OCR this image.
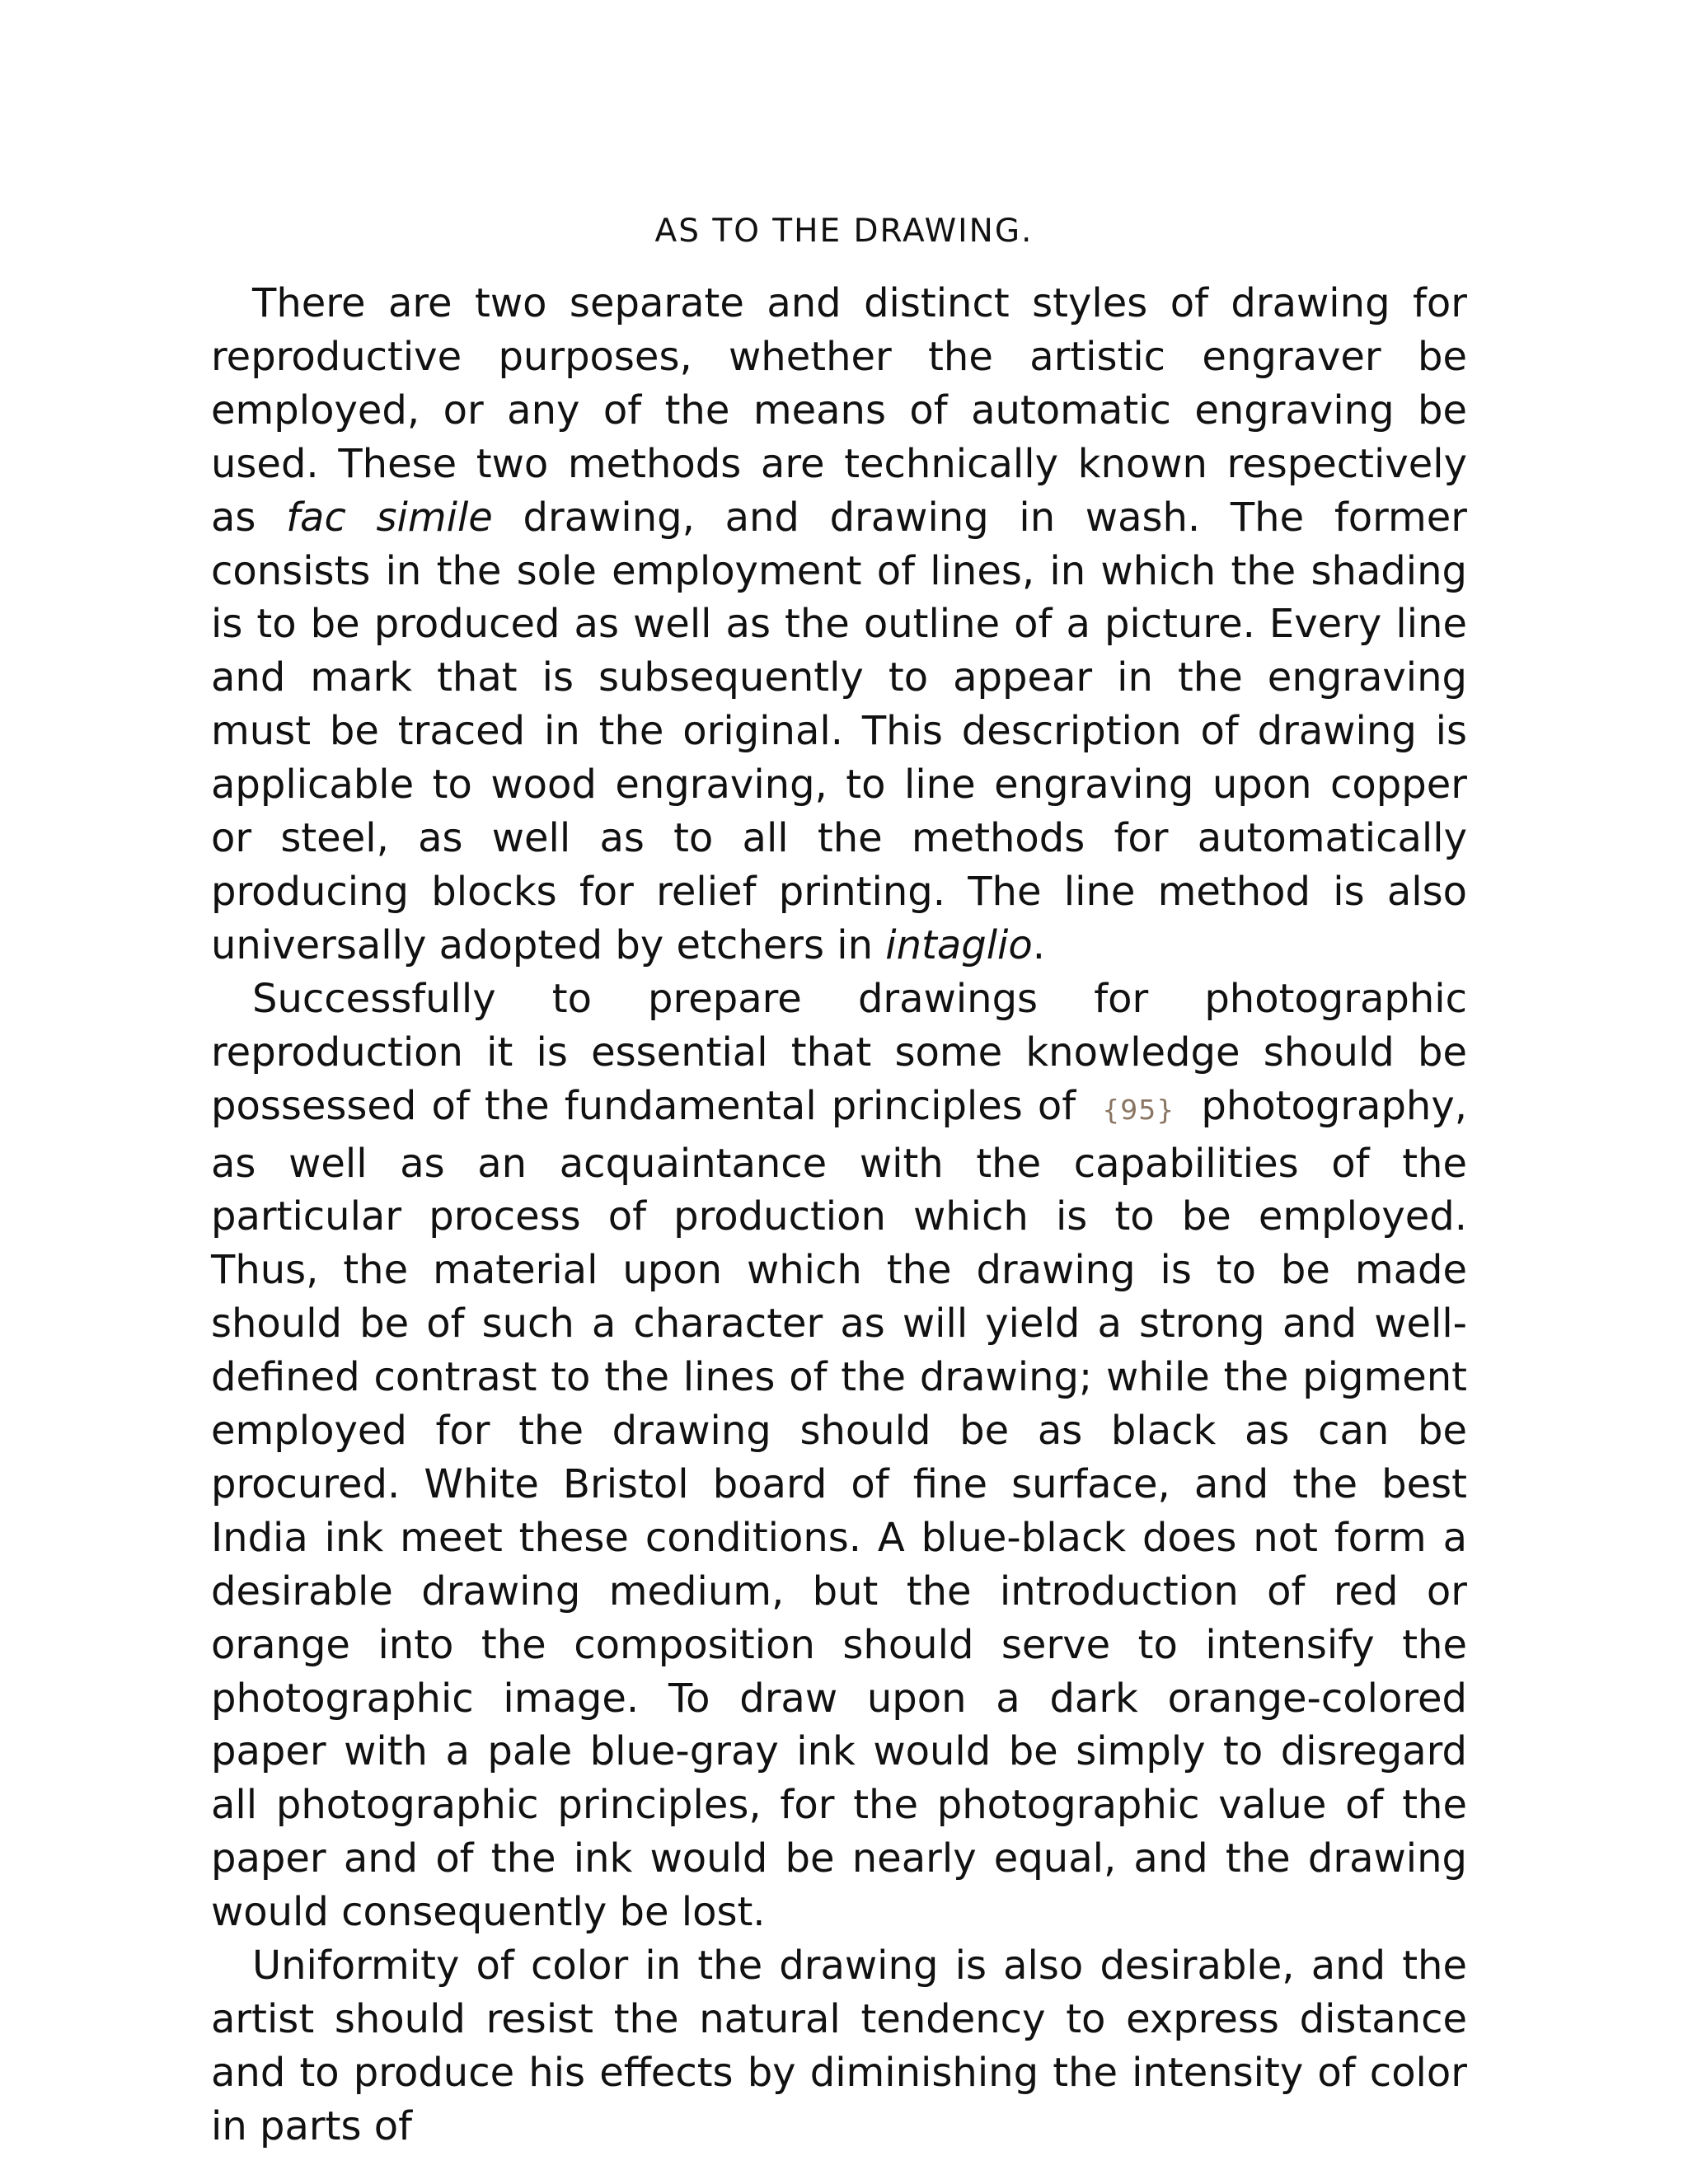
AS TO THE DRAWING.

There are two separate and distinct styles of drawing for reproductive purposes, whether the artistic engraver be employed, or any of the means of automatic engraving be used. These two methods are technically known respectively as fac simile drawing, and drawing in wash. The former consists in the sole employment of lines, in which the shading is to be produced as well as the outline of a picture. Every line and mark that is subsequently to appear in the engraving must be traced in the original. This description of drawing is applicable to wood engraving, to line engraving upon copper or steel, as well as to all the methods for automatically producing blocks for relief printing. The line method is also universally adopted by etchers in intaglio.

Successfully to prepare drawings for photographic reproduction it is essential that some knowledge should be possessed of the fundamental principles of {95} photography, as well as an acquaintance with the capabilities of the particular process of production which is to be employed. Thus, the material upon which the drawing is to be made should be of such a character as will yield a strong and well-defined contrast to the lines of the drawing; while the pigment employed for the drawing should be as black as can be procured. White Bristol board of fine surface, and the best India ink meet these conditions. A blue-black does not form a desirable drawing medium, but the introduction of red or orange into the composition should serve to intensify the photographic image. To draw upon a dark orange-colored paper with a pale blue-gray ink would be simply to disregard all photographic principles, for the photographic value of the paper and of the ink would be nearly equal, and the drawing would consequently be lost.

Uniformity of color in the drawing is also desirable, and the artist should resist the natural tendency to express distance and to produce his effects by diminishing the intensity of color in parts of
